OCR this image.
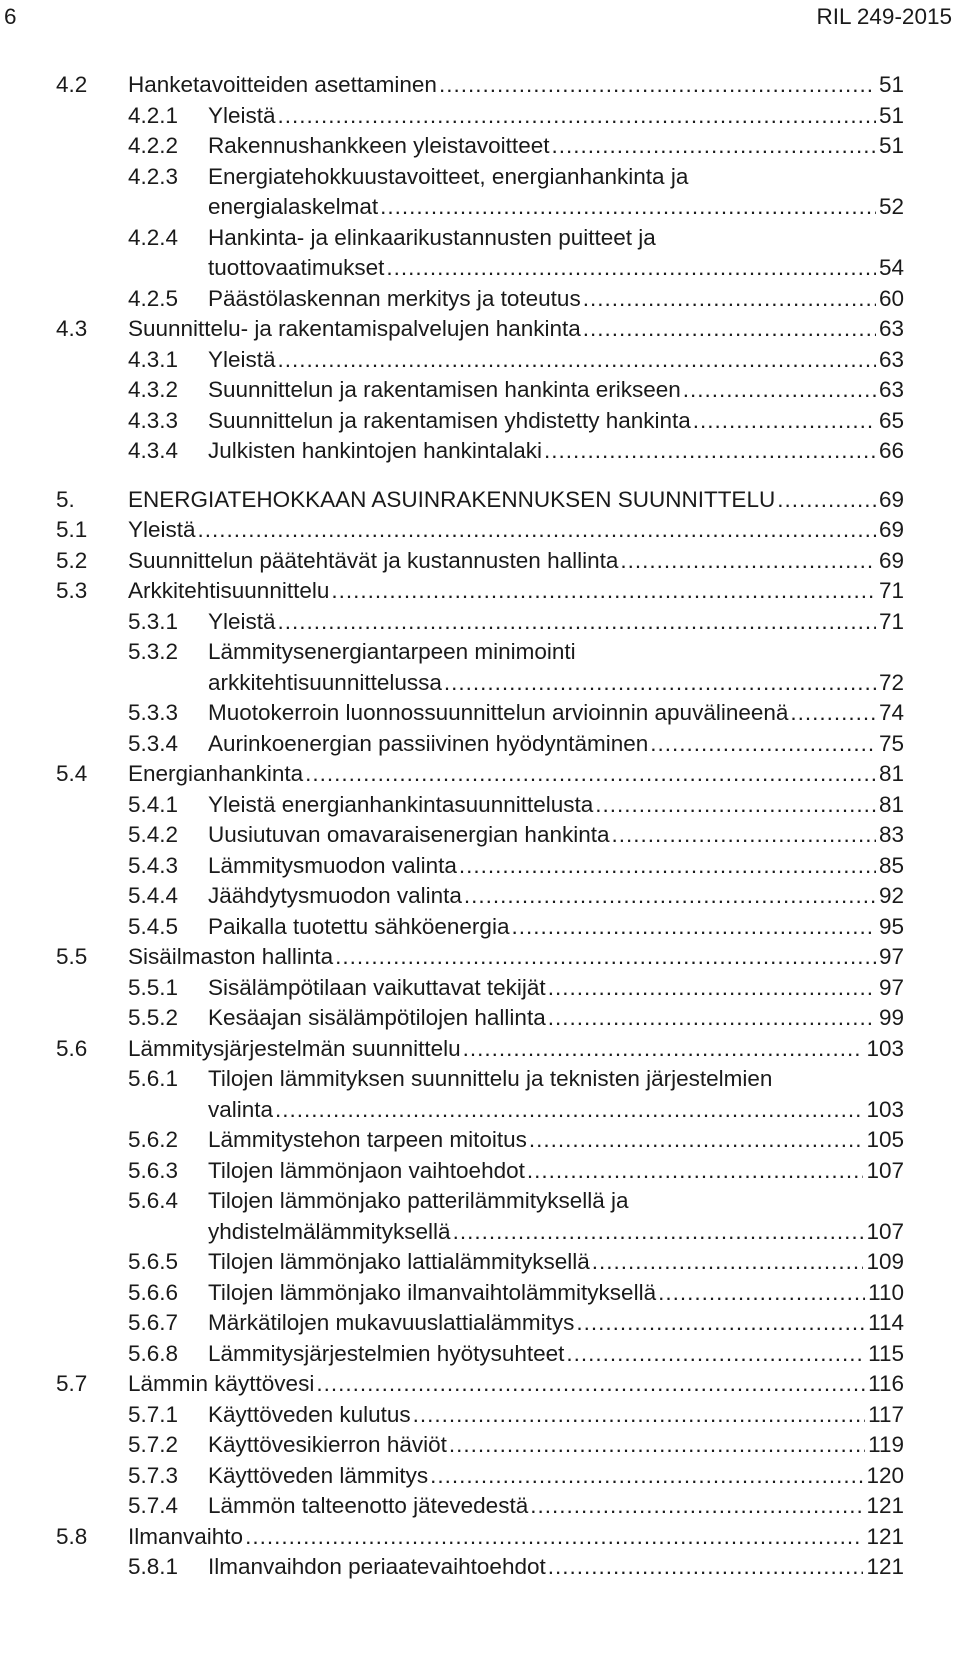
6	RIL 249-2015
4.2 Hanketavoitteiden asettaminen .....	51
4.2.1 Yleistä .....	51
4.2.2 Rakennushankkeen yleistavoitteet .....	51
4.2.3 Energiatehokkuustavoitteet, energianhankinta ja
energialaskelmat .....	52
4.2.4 Hankinta- ja elinkaarikustannusten puitteet ja
tuottovaatimukset .....	54
4.2.5 Päästölaskennan merkitys ja toteutus .....	60
4.3 Suunnittelu- ja rakentamispalvelujen hankinta .....	63
4.3.1 Yleistä .....	63
4.3.2 Suunnittelun ja rakentamisen hankinta erikseen .....	63
4.3.3 Suunnittelun ja rakentamisen yhdistetty hankinta .....	65
4.3.4 Julkisten hankintojen hankintalaki .....	66
5. ENERGIATEHOKKAAN ASUINRAKENNUKSEN SUUNNITTELU .....	69
5.1 Yleistä .....	69
5.2 Suunnittelun päätehtävät ja kustannusten hallinta .....	69
5.3 Arkkitehtisuunnittelu .....	71
5.3.1 Yleistä .....	71
5.3.2 Lämmitysenergiantarpeen minimointi
arkkitehtisuunnittelussa .....	72
5.3.3 Muotokerroin luonnossuunnittelun arvioinnin apuvälineenä .....	74
5.3.4 Aurinkoenergian passiivinen hyödyntäminen .....	75
5.4 Energianhankinta .....	81
5.4.1 Yleistä energianhankintasuunnittelusta .....	81
5.4.2 Uusiutuvan omavaraisenergian hankinta .....	83
5.4.3 Lämmitysmuodon valinta .....	85
5.4.4 Jäähdytysmuodon valinta .....	92
5.4.5 Paikalla tuotettu sähköenergia .....	95
5.5 Sisäilmaston hallinta .....	97
5.5.1 Sisälämpötilaan vaikuttavat tekijät .....	97
5.5.2 Kesäajan sisälämpötilojen hallinta .....	99
5.6 Lämmitysjärjestelmän suunnittelu .....	103
5.6.1 Tilojen lämmityksen suunnittelu ja teknisten järjestelmien
valinta .....	103
5.6.2 Lämmitystehon tarpeen mitoitus .....	105
5.6.3 Tilojen lämmönjaon vaihtoehdot .....	107
5.6.4 Tilojen lämmönjako patterilämmityksellä ja
yhdistelmälämmityksellä .....	107
5.6.5 Tilojen lämmönjako lattialämmityksellä .....	109
5.6.6 Tilojen lämmönjako ilmanvaihtolämmityksellä .....	110
5.6.7 Märkätilojen mukavuuslattialämmitys .....	114
5.6.8 Lämmitysjärjestelmien hyötysuhteet .....	115
5.7 Lämmin käyttövesi .....	116
5.7.1 Käyttöveden kulutus .....	117
5.7.2 Käyttövesikierron häviöt .....	119
5.7.3 Käyttöveden lämmitys .....	120
5.7.4 Lämmön talteenotto jätevedestä .....	121
5.8 Ilmanvaihto .....	121
5.8.1 Ilmanvaihdon periaatevaihtoehdot .....	121
